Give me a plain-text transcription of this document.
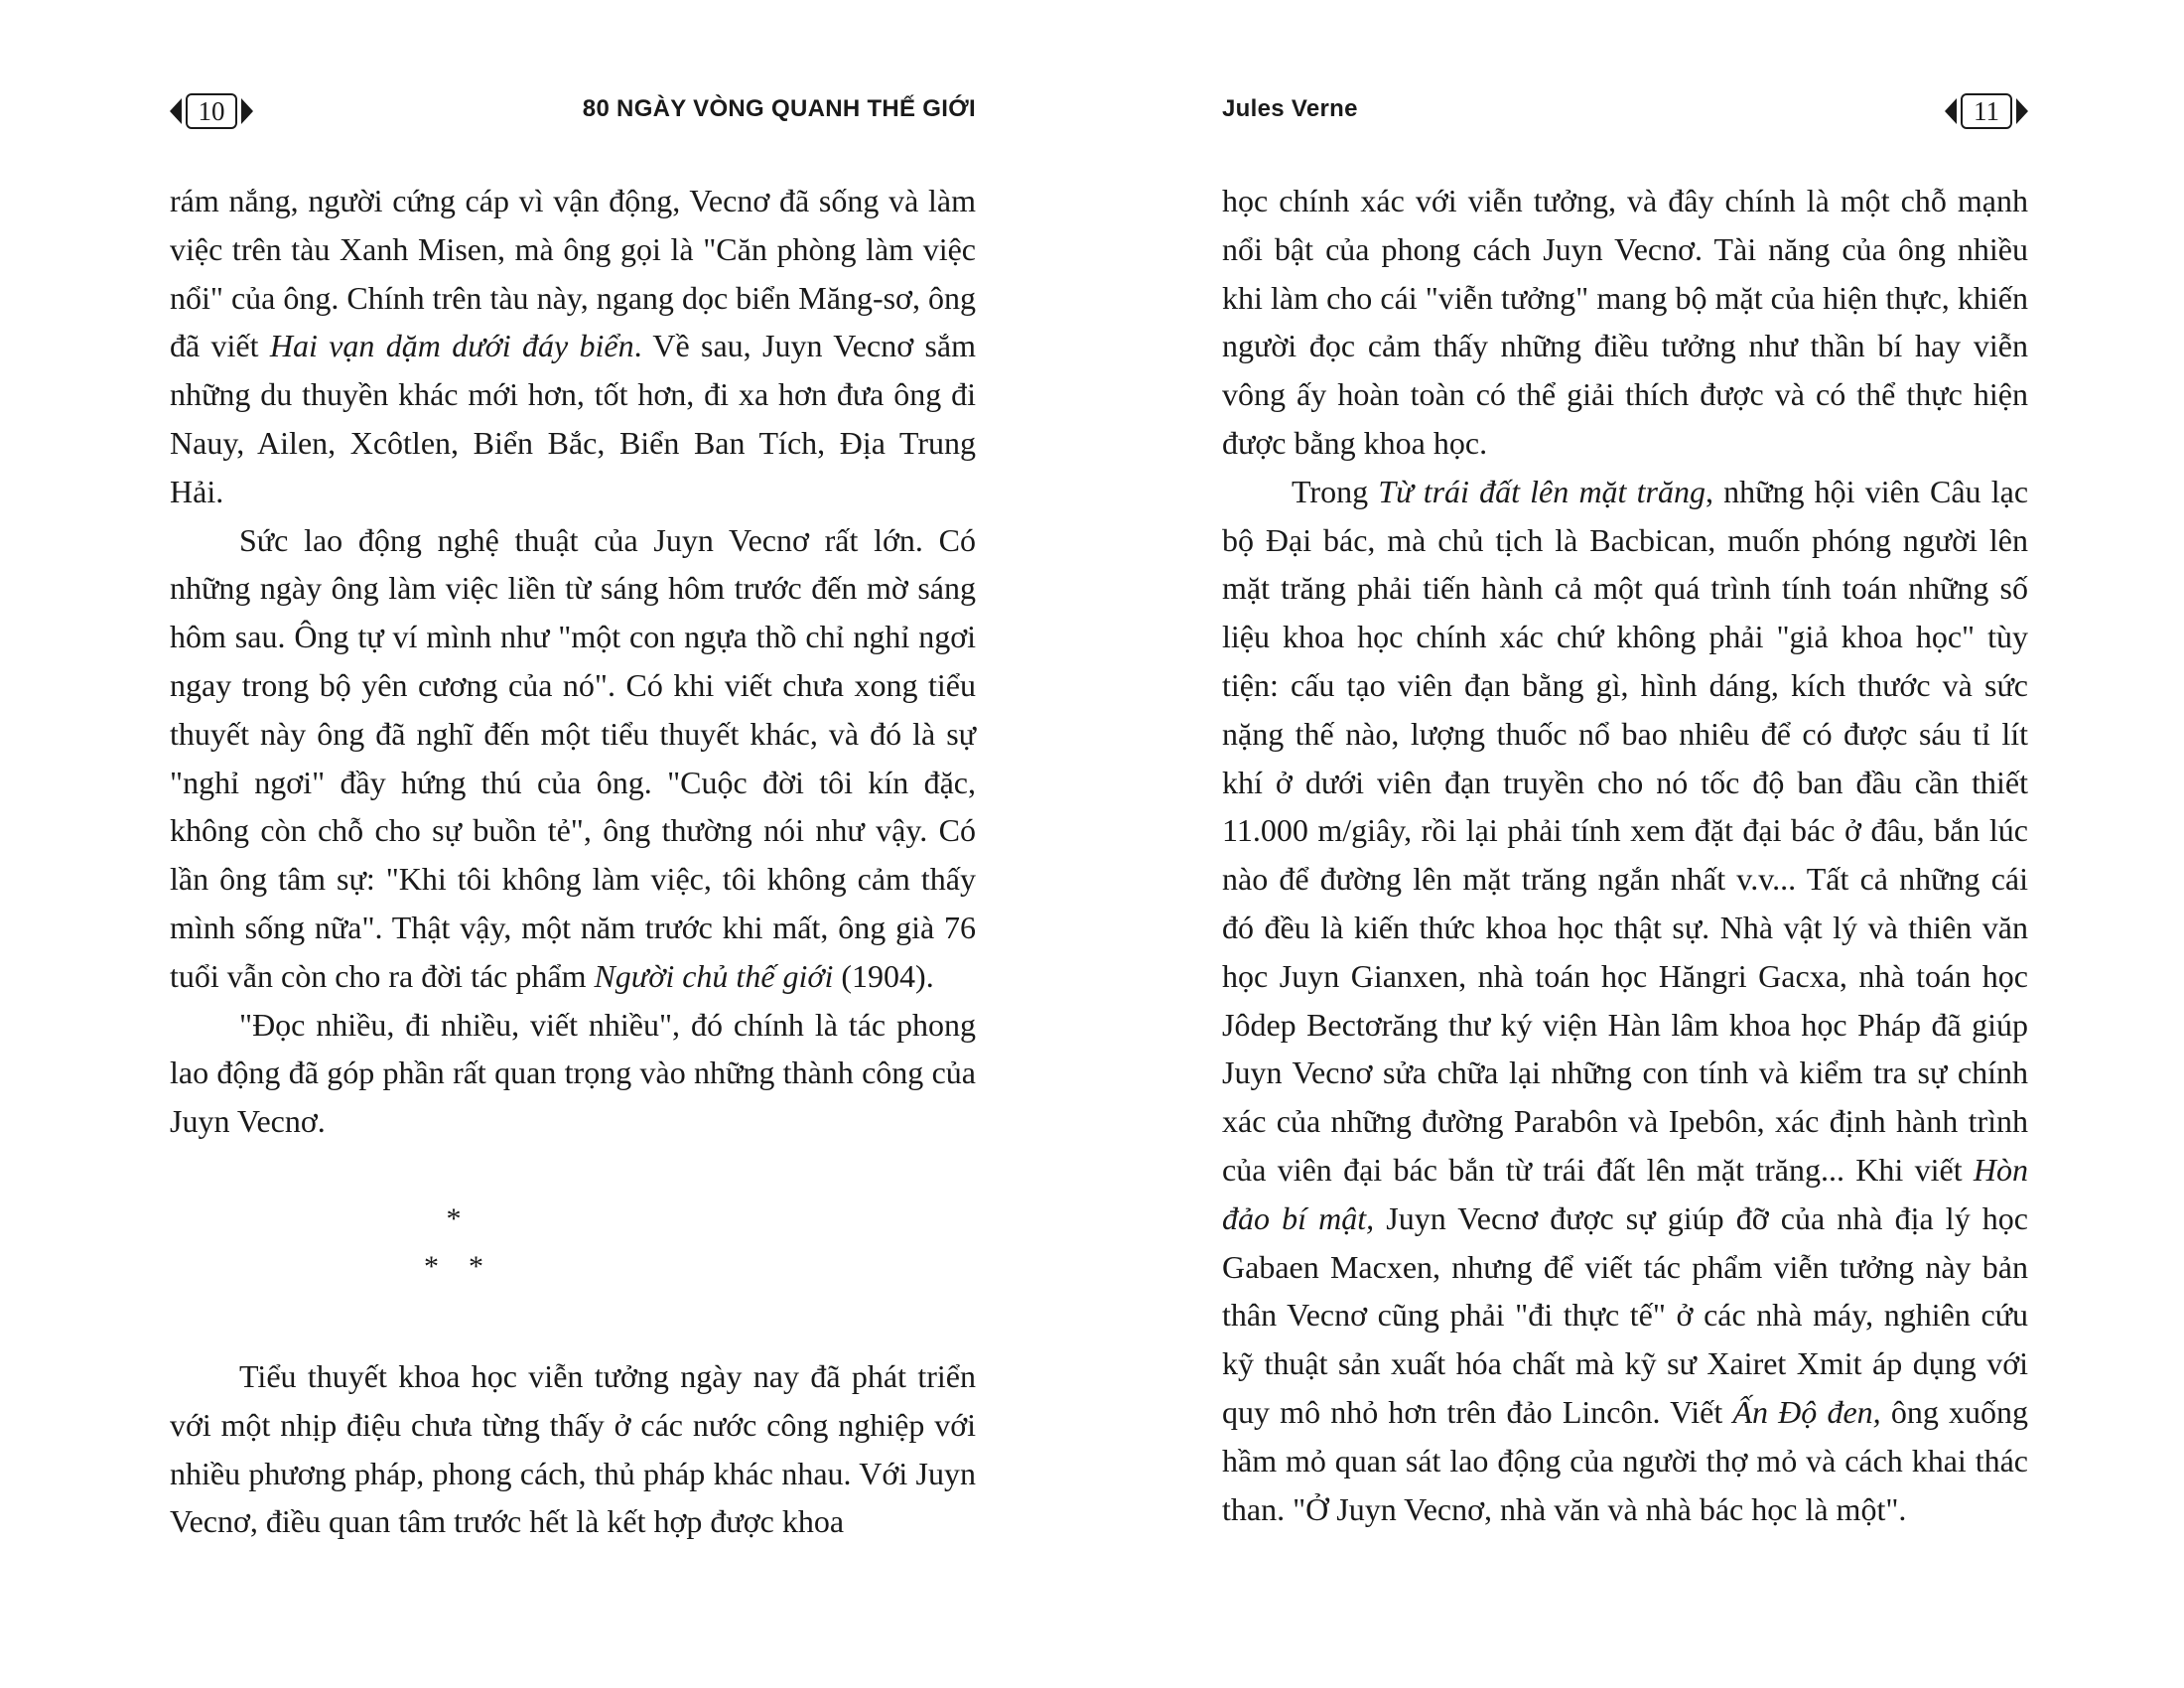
10	80 NGÀY VÒNG QUANH THẾ GIỚI

rám nắng, người cứng cáp vì vận động, Vecnơ đã sống và làm việc trên tàu Xanh Misen, mà ông gọi là "Căn phòng làm việc nổi" của ông. Chính trên tàu này, ngang dọc biển Măng-sơ, ông đã viết Hai vạn dặm dưới đáy biển. Về sau, Juyn Vecnơ sắm những du thuyền khác mới hơn, tốt hơn, đi xa hơn đưa ông đi Nauy, Ailen, Xcôtlen, Biển Bắc, Biển Ban Tích, Địa Trung Hải.

Sức lao động nghệ thuật của Juyn Vecnơ rất lớn. Có những ngày ông làm việc liền từ sáng hôm trước đến mờ sáng hôm sau. Ông tự ví mình như "một con ngựa thồ chỉ nghỉ ngơi ngay trong bộ yên cương của nó". Có khi viết chưa xong tiểu thuyết này ông đã nghĩ đến một tiểu thuyết khác, và đó là sự "nghỉ ngơi" đầy hứng thú của ông. "Cuộc đời tôi kín đặc, không còn chỗ cho sự buồn tẻ", ông thường nói như vậy. Có lần ông tâm sự: "Khi tôi không làm việc, tôi không cảm thấy mình sống nữa". Thật vậy, một năm trước khi mất, ông già 76 tuổi vẫn còn cho ra đời tác phẩm Người chủ thế giới (1904).

"Đọc nhiều, đi nhiều, viết nhiều", đó chính là tác phong lao động đã góp phần rất quan trọng vào những thành công của Juyn Vecnơ.

*
*    *

Tiểu thuyết khoa học viễn tưởng ngày nay đã phát triển với một nhịp điệu chưa từng thấy ở các nước công nghiệp với nhiều phương pháp, phong cách, thủ pháp khác nhau. Với Juyn Vecnơ, điều quan tâm trước hết là kết hợp được khoa

Jules Verne	11

học chính xác với viễn tưởng, và đây chính là một chỗ mạnh nổi bật của phong cách Juyn Vecnơ. Tài năng của ông nhiều khi làm cho cái "viễn tưởng" mang bộ mặt của hiện thực, khiến người đọc cảm thấy những điều tưởng như thần bí hay viễn vông ấy hoàn toàn có thể giải thích được và có thể thực hiện được bằng khoa học.

Trong Từ trái đất lên mặt trăng, những hội viên Câu lạc bộ Đại bác, mà chủ tịch là Bacbican, muốn phóng người lên mặt trăng phải tiến hành cả một quá trình tính toán những số liệu khoa học chính xác chứ không phải "giả khoa học" tùy tiện: cấu tạo viên đạn bằng gì, hình dáng, kích thước và sức nặng thế nào, lượng thuốc nổ bao nhiêu để có được sáu tỉ lít khí ở dưới viên đạn truyền cho nó tốc độ ban đầu cần thiết 11.000 m/giây, rồi lại phải tính xem đặt đại bác ở đâu, bắn lúc nào để đường lên mặt trăng ngắn nhất v.v... Tất cả những cái đó đều là kiến thức khoa học thật sự. Nhà vật lý và thiên văn học Juyn Gianxen, nhà toán học Hăngri Gacxa, nhà toán học Jôdep Bectơrăng thư ký viện Hàn lâm khoa học Pháp đã giúp Juyn Vecnơ sửa chữa lại những con tính và kiểm tra sự chính xác của những đường Parabôn và Ipebôn, xác định hành trình của viên đại bác bắn từ trái đất lên mặt trăng... Khi viết Hòn đảo bí mật, Juyn Vecnơ được sự giúp đỡ của nhà địa lý học Gabaen Macxen, nhưng để viết tác phẩm viễn tưởng này bản thân Vecnơ cũng phải "đi thực tế" ở các nhà máy, nghiên cứu kỹ thuật sản xuất hóa chất mà kỹ sư Xairet Xmit áp dụng với quy mô nhỏ hơn trên đảo Lincôn. Viết Ấn Độ đen, ông xuống hầm mỏ quan sát lao động của người thợ mỏ và cách khai thác than. "Ở Juyn Vecnơ, nhà văn và nhà bác học là một".
